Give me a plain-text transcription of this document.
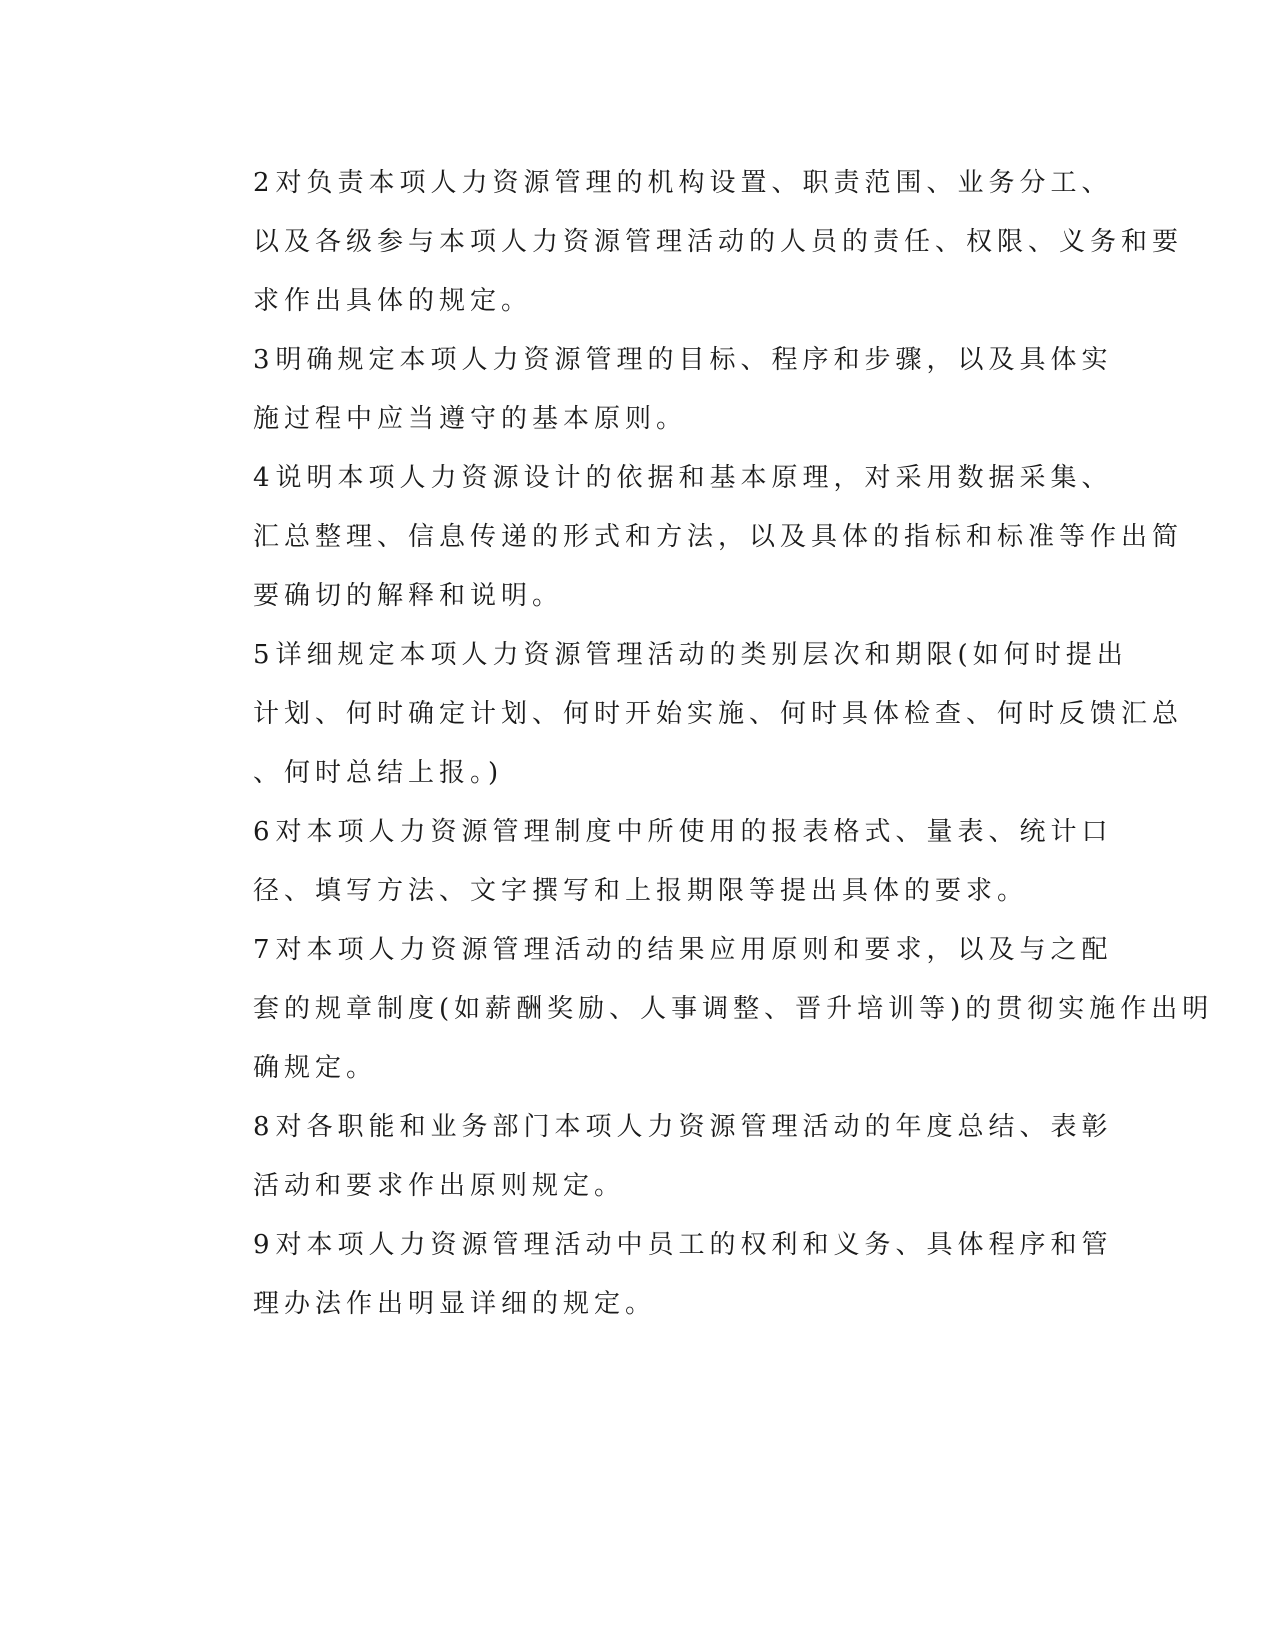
2 对负责本项人力资源管理的机构设置、职责范围、业务分工、
以及各级参与本项人力资源管理活动的人员的责任、权限、义务和要
求作出具体的规定。

3 明确规定本项人力资源管理的目标、程序和步骤，以及具体实
施过程中应当遵守的基本原则。

4 说明本项人力资源设计的依据和基本原理，对采用数据采集、
汇总整理、信息传递的形式和方法，以及具体的指标和标准等作出简
要确切的解释和说明。

5 详细规定本项人力资源管理活动的类别层次和期限(如何时提出
计划、何时确定计划、何时开始实施、何时具体检查、何时反馈汇总
、何时总结上报。)

6 对本项人力资源管理制度中所使用的报表格式、量表、统计口
径、填写方法、文字撰写和上报期限等提出具体的要求。

7 对本项人力资源管理活动的结果应用原则和要求，以及与之配
套的规章制度(如薪酬奖励、人事调整、晋升培训等)的贯彻实施作出明
确规定。

8 对各职能和业务部门本项人力资源管理活动的年度总结、表彰
活动和要求作出原则规定。

9 对本项人力资源管理活动中员工的权利和义务、具体程序和管
理办法作出明显详细的规定。
